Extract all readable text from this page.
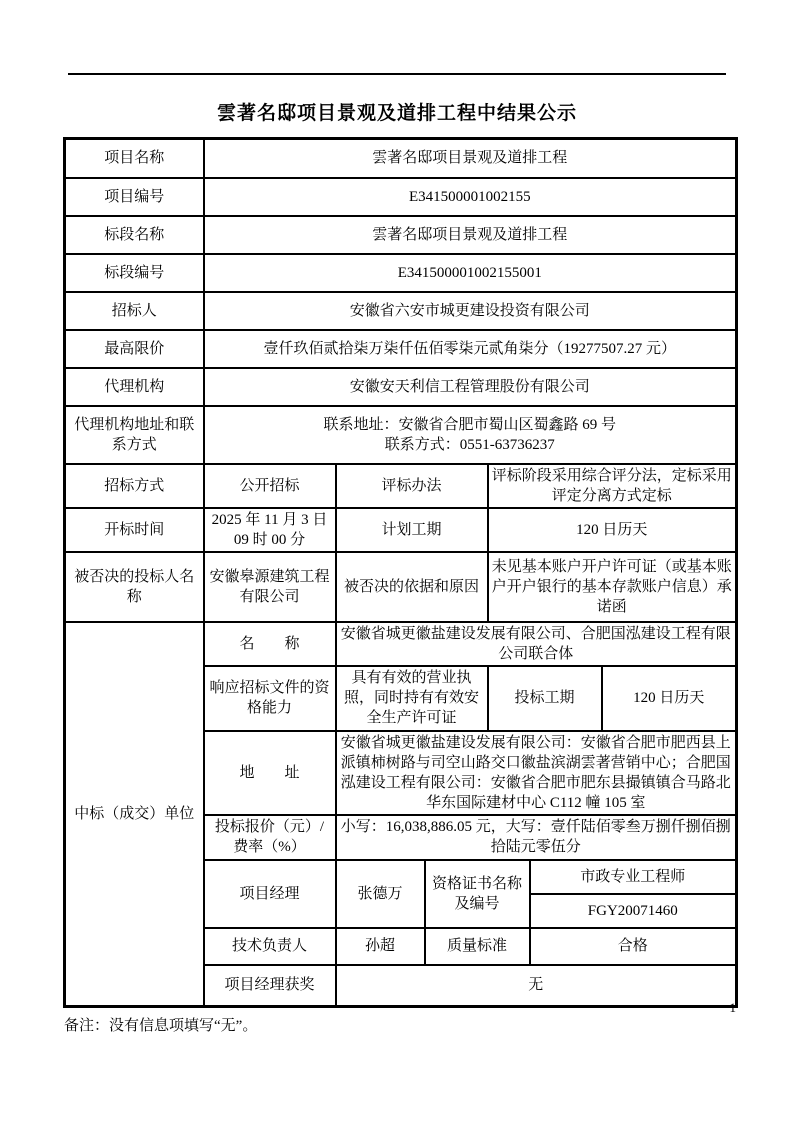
雲著名邸项目景观及道排工程中结果公示
项目名称	雲著名邸项目景观及道排工程					
项目编号	E341500001002155					
标段名称	雲著名邸项目景观及道排工程					
标段编号	E341500001002155001					
招标人	安徽省六安市城更建设投资有限公司					
最高限价	壹仟玖佰贰拾柒万柒仟伍佰零柒元贰角柒分（19277507.27 元）					
代理机构	安徽安天利信工程管理股份有限公司					
代理机构地址和联系方式	联系地址：安徽省合肥市蜀山区蜀鑫路 69 号
联系方式：0551-63736237					

招标方式	公开招标	评标办法		评标阶段采用综合评分法，定标采用评定分离方式定标		
开标时间	2025 年 11 月 3 日 09 时 00 分	计划工期		120 日历天		
被否决的投标人名称	安徽皋源建筑工程有限公司	被否决的依据和原因		未见基本账户开户许可证（或基本账户开户银行的基本存款账户信息）承诺函		
中标（成交）单位	名　　称	安徽省城更徽盐建设发展有限公司、合肥国泓建设工程有限公司联合体				
	响应招标文件的资格能力	具有有效的营业执照，同时持有有效安全生产许可证		投标工期		120 日历天
	地　　址	安徽省城更徽盐建设发展有限公司：安徽省合肥市肥西县上派镇柿树路与司空山路交口徽盐滨湖雲著营销中心；合肥国泓建设工程有限公司：安徽省合肥市肥东县撮镇镇合马路北华东国际建材中心 C112 幢 105 室				
	投标报价（元）/费率（%）	小写：16,038,886.05 元，大写：壹仟陆佰零叁万捌仟捌佰捌拾陆元零伍分				
	项目经理	张德万	资格证书名称及编号		市政专业工程师	
					FGY20071460	
	技术负责人	孙超	质量标准		合格	
	项目经理获奖	无				
备注：没有信息项填写“无”。
1
